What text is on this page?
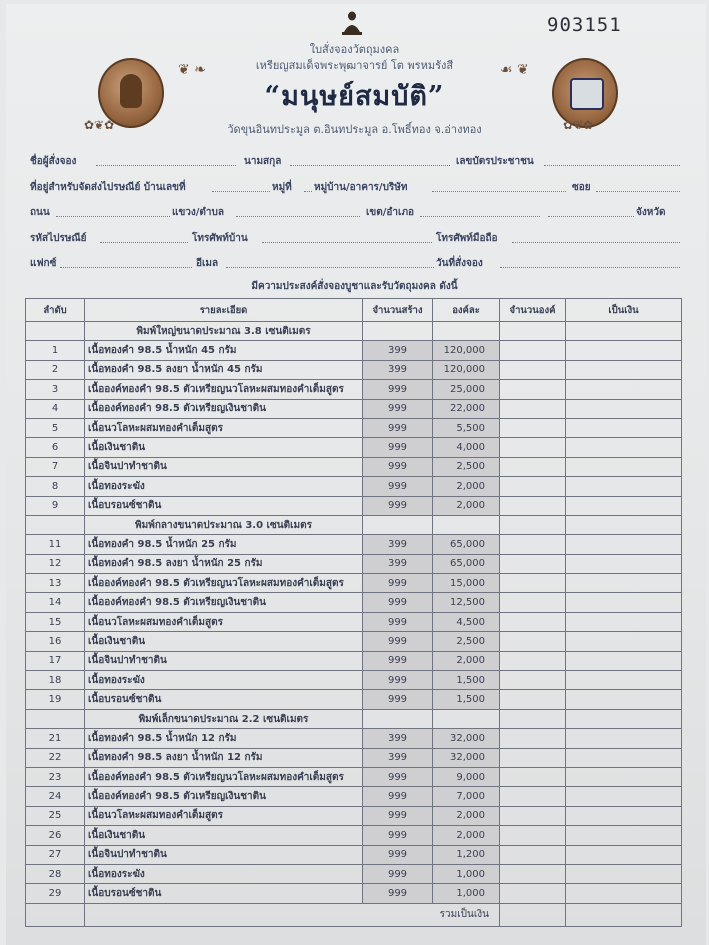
903151
❦ ❧	☙ ❦
✿❦✿	✿❦✿
ใบสั่งจองวัตถุมงคล
เหรียญสมเด็จพระพุฒาจารย์ โต พรหมรังสี
“มนุษย์สมบัติ”
วัดขุนอินทประมูล ต.อินทประมูล อ.โพธิ์ทอง จ.อ่างทอง
ชื่อผู้สั่งจอง	นามสกุล	เลขบัตรประชาชน
ที่อยู่สำหรับจัดส่งไปรษณีย์ บ้านเลขที่	หมู่ที่ หมู่บ้าน/อาคาร/บริษัท	ซอย
ถนน	แขวง/ตำบล	เขต/อำเภอ	จังหวัด
รหัสไปรษณีย์	โทรศัพท์บ้าน	โทรศัพท์มือถือ
แฟกซ์	อีเมล	วันที่สั่งจอง
มีความประสงค์สั่งจองบูชาและรับวัตถุมงคล ดังนี้
ลำดับ	รายละเอียด	จำนวนสร้าง	องค์ละ	จำนวนองค์	เป็นเงิน
	พิมพ์ใหญ่ขนาดประมาณ 3.8 เซนติเมตร				
1	เนื้อทองคำ 98.5 น้ำหนัก 45 กรัม	399	120,000		
2	เนื้อทองคำ 98.5 ลงยา น้ำหนัก 45 กรัม	399	120,000		
3	เนื้อองค์ทองคำ 98.5 ตัวเหรียญนวโลหะผสมทองคำเต็มสูตร	999	25,000		
4	เนื้อองค์ทองคำ 98.5 ตัวเหรียญเงินชาติน	999	22,000		
5	เนื้อนวโลหะผสมทองคำเต็มสูตร	999	5,500		
6	เนื้อเงินชาติน	999	4,000		
7	เนื้อจินปาทำชาติน	999	2,500		
8	เนื้อทองระฆัง	999	2,000		
9	เนื้อบรอนซ์ชาติน	999	2,000		
	พิมพ์กลางขนาดประมาณ 3.0 เซนติเมตร				
11	เนื้อทองคำ 98.5 น้ำหนัก 25 กรัม	399	65,000		
12	เนื้อทองคำ 98.5 ลงยา น้ำหนัก 25 กรัม	399	65,000		
13	เนื้อองค์ทองคำ 98.5 ตัวเหรียญนวโลหะผสมทองคำเต็มสูตร	999	15,000		
14	เนื้อองค์ทองคำ 98.5 ตัวเหรียญเงินชาติน	999	12,500		
15	เนื้อนวโลหะผสมทองคำเต็มสูตร	999	4,500		
16	เนื้อเงินชาติน	999	2,500		
17	เนื้อจินปาทำชาติน	999	2,000		
18	เนื้อทองระฆัง	999	1,500		
19	เนื้อบรอนซ์ชาติน	999	1,500		
	พิมพ์เล็กขนาดประมาณ 2.2 เซนติเมตร				
21	เนื้อทองคำ 98.5 น้ำหนัก 12 กรัม	399	32,000		
22	เนื้อทองคำ 98.5 ลงยา น้ำหนัก 12 กรัม	399	32,000		
23	เนื้อองค์ทองคำ 98.5 ตัวเหรียญนวโลหะผสมทองคำเต็มสูตร	999	9,000		
24	เนื้อองค์ทองคำ 98.5 ตัวเหรียญเงินชาติน	999	7,000		
25	เนื้อนวโลหะผสมทองคำเต็มสูตร	999	2,000		
26	เนื้อเงินชาติน	999	2,000		
27	เนื้อจินปาทำชาติน	999	1,200		
28	เนื้อทองระฆัง	999	1,000		
29	เนื้อบรอนซ์ชาติน	999	1,000		
	รวมเป็นเงิน				
